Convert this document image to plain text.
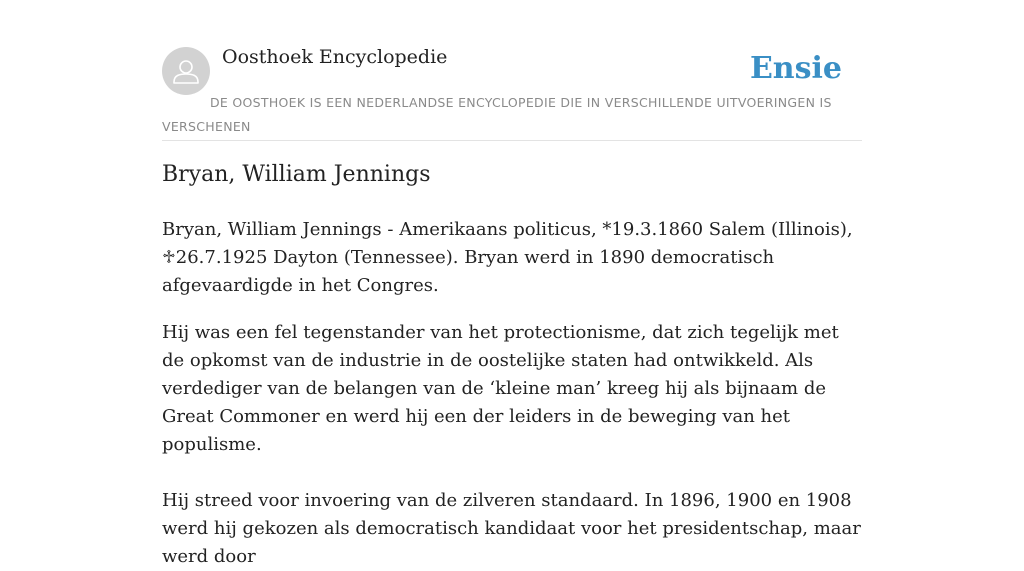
Oosthoek Encyclopedie	Ensie

DE OOSTHOEK IS EEN NEDERLANDSE ENCYCLOPEDIE DIE IN VERSCHILLENDE UITVOERINGEN IS VERSCHENEN

Bryan, William Jennings

Bryan, William Jennings - Amerikaans politicus, *19.3.1860 Salem (Illinois), ♱26.7.1925 Dayton (Tennessee). Bryan werd in 1890 democratisch afgevaardigde in het Congres.

Hij was een fel tegenstander van het protectionisme, dat zich tegelijk met de opkomst van de industrie in de oostelijke staten had ontwikkeld. Als verdediger van de belangen van de ‘kleine man’ kreeg hij als bijnaam de Great Commoner en werd hij een der leiders in de beweging van het populisme.

Hij streed voor invoering van de zilveren standaard. In 1896, 1900 en 1908 werd hij gekozen als democratisch kandidaat voor het presidentschap, maar werd door
